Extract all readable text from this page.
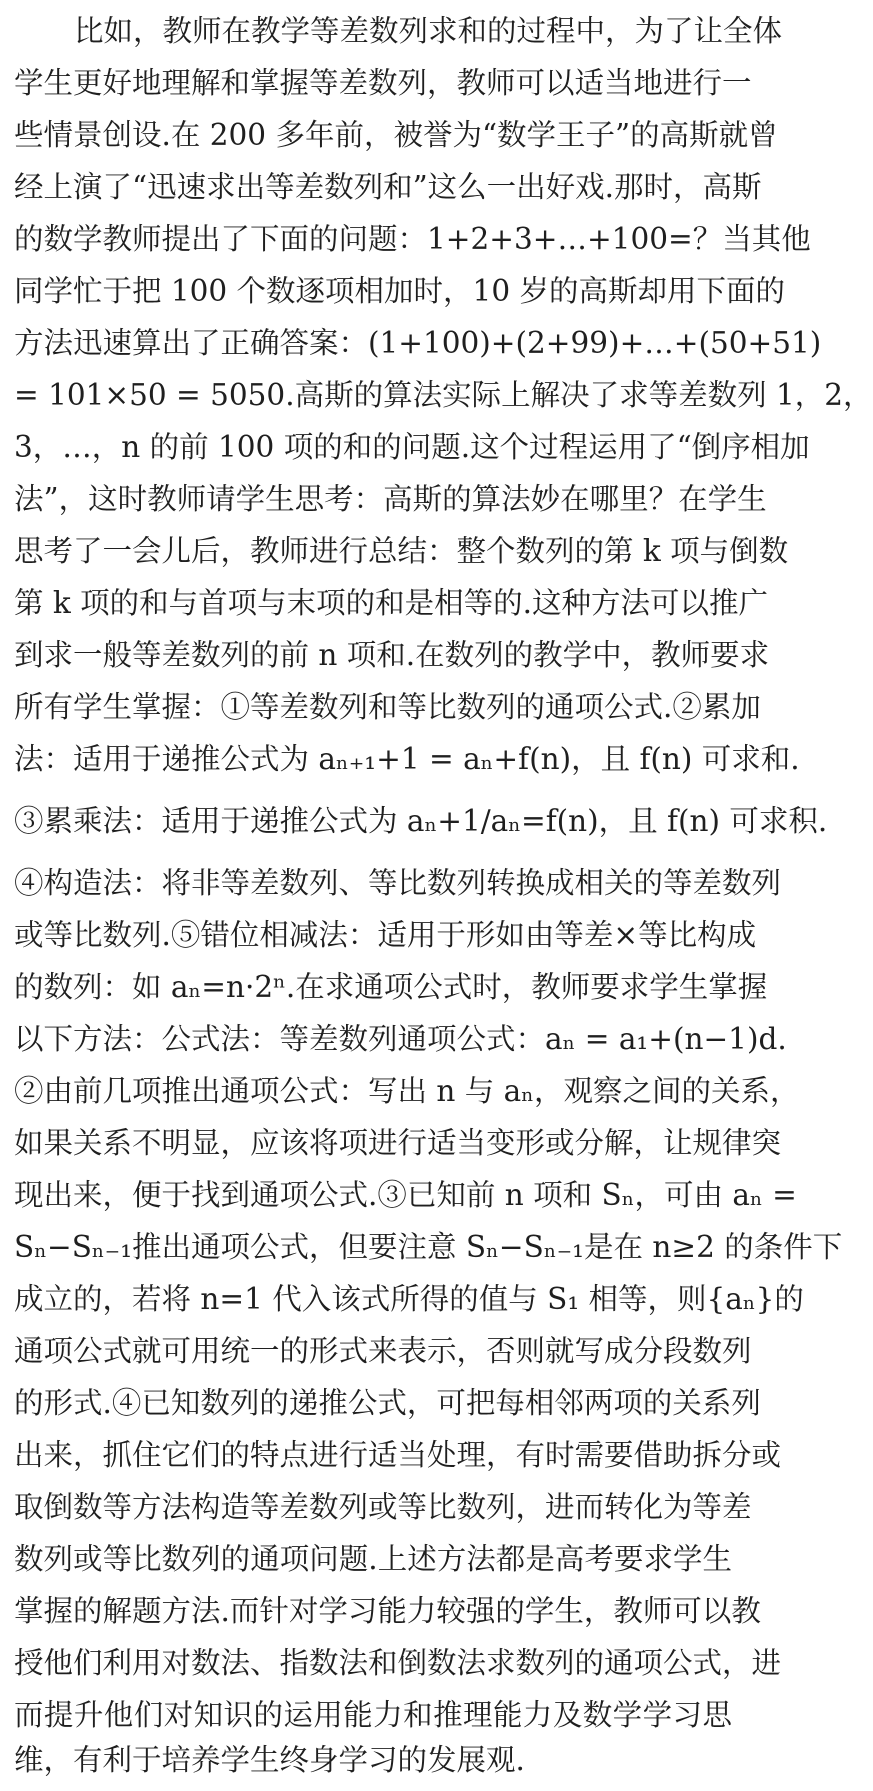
比如，教师在教学等差数列求和的过程中，为了让全体
学生更好地理解和掌握等差数列，教师可以适当地进行一
些情景创设.在 200 多年前，被誉为“数学王子”的高斯就曾
经上演了“迅速求出等差数列和”这么一出好戏.那时，高斯
的数学教师提出了下面的问题：1+2+3+…+100=？当其他
同学忙于把 100 个数逐项相加时，10 岁的高斯却用下面的
方法迅速算出了正确答案：(1+100)+(2+99)+…+(50+51)
= 101×50 = 5050.高斯的算法实际上解决了求等差数列 1，2，
3，…，n 的前 100 项的和的问题.这个过程运用了“倒序相加
法”，这时教师请学生思考：高斯的算法妙在哪里？在学生
思考了一会儿后，教师进行总结：整个数列的第 k 项与倒数
第 k 项的和与首项与末项的和是相等的.这种方法可以推广
到求一般等差数列的前 n 项和.在数列的教学中，教师要求
所有学生掌握：①等差数列和等比数列的通项公式.②累加
法：适用于递推公式为 aₙ₊₁+1 = aₙ+f(n)，且 f(n) 可求和.
③累乘法：适用于递推公式为 aₙ+1/aₙ=f(n)，且 f(n) 可求积.
④构造法：将非等差数列、等比数列转换成相关的等差数列
或等比数列.⑤错位相减法：适用于形如由等差×等比构成
的数列：如 aₙ=n·2ⁿ.在求通项公式时，教师要求学生掌握
以下方法：公式法：等差数列通项公式：aₙ = a₁+(n−1)d.
②由前几项推出通项公式：写出 n 与 aₙ，观察之间的关系，
如果关系不明显，应该将项进行适当变形或分解，让规律突
现出来，便于找到通项公式.③已知前 n 项和 Sₙ，可由 aₙ =
Sₙ−Sₙ₋₁推出通项公式，但要注意 Sₙ−Sₙ₋₁是在 n≥2 的条件下
成立的，若将 n=1 代入该式所得的值与 S₁ 相等，则{aₙ}的
通项公式就可用统一的形式来表示，否则就写成分段数列
的形式.④已知数列的递推公式，可把每相邻两项的关系列
出来，抓住它们的特点进行适当处理，有时需要借助拆分或
取倒数等方法构造等差数列或等比数列，进而转化为等差
数列或等比数列的通项问题.上述方法都是高考要求学生
掌握的解题方法.而针对学习能力较强的学生，教师可以教
授他们利用对数法、指数法和倒数法求数列的通项公式，进
而提升他们对知识的运用能力和推理能力及数学学习思
维，有利于培养学生终身学习的发展观.
